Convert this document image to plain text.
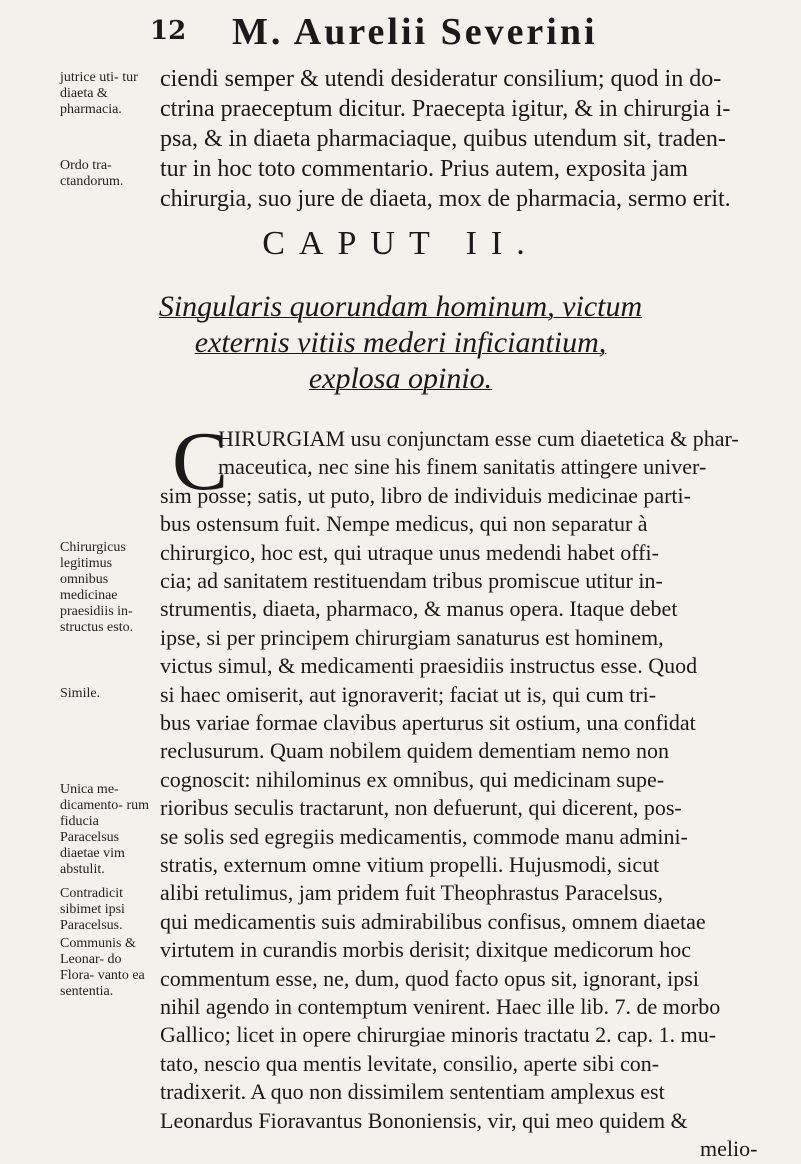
12 M. Aurelii Severini
jutrice uti- tur diaeta & pharmacia.
Ordo tra- ctandorum.
Chirurgicus legitimus omnibus medicinae praesidiis in- structus esto.
Simile.
Unica me- dicamento- rum fiducia Paracelsus diaetae vim abstulit.
Contradicit sibimet ipsi Paracelsus.
Communis & Leonar- do Flora- vanto ea sententia.
ciendi semper & utendi desideratur consilium; quod in do-
ctrina praeceptum dicitur. Praecepta igitur, & in chirurgia i-
psa, & in diaeta pharmaciaque, quibus utendum sit, traden-
tur in hoc toto commentario. Prius autem, exposita jam
chirurgia, suo jure de diaeta, mox de pharmacia, sermo erit.
CAPUT II.
Singularis quorundam hominum, victum
externis vitiis mederi inficiantium,
explosa opinio.
C
HIRURGIAM usu conjunctam esse cum diaetetica & phar-
maceutica, nec sine his finem sanitatis attingere univer-
sim posse; satis, ut puto, libro de individuis medicinae parti-
bus ostensum fuit. Nempe medicus, qui non separatur à
chirurgico, hoc est, qui utraque unus medendi habet offi-
cia; ad sanitatem restituendam tribus promiscue utitur in-
strumentis, diaeta, pharmaco, & manus opera. Itaque debet
ipse, si per principem chirurgiam sanaturus est hominem,
victus simul, & medicamenti praesidiis instructus esse. Quod
si haec omiserit, aut ignoraverit; faciat ut is, qui cum tri-
bus variae formae clavibus aperturus sit ostium, una confidat
reclusurum. Quam nobilem quidem dementiam nemo non
cognoscit: nihilominus ex omnibus, qui medicinam supe-
rioribus seculis tractarunt, non defuerunt, qui dicerent, pos-
se solis sed egregiis medicamentis, commode manu admini-
stratis, externum omne vitium propelli. Hujusmodi, sicut
alibi retulimus, jam pridem fuit Theophrastus Paracelsus,
qui medicamentis suis admirabilibus confisus, omnem diaetae
virtutem in curandis morbis derisit; dixitque medicorum hoc
commentum esse, ne, dum, quod facto opus sit, ignorant, ipsi
nihil agendo in contemptum venirent. Haec ille lib. 7. de morbo
Gallico; licet in opere chirurgiae minoris tractatu 2. cap. 1. mu-
tato, nescio qua mentis levitate, consilio, aperte sibi con-
tradixerit. A quo non dissimilem sententiam amplexus est
Leonardus Fioravantus Bononiensis, vir, qui meo quidem &
melio-
